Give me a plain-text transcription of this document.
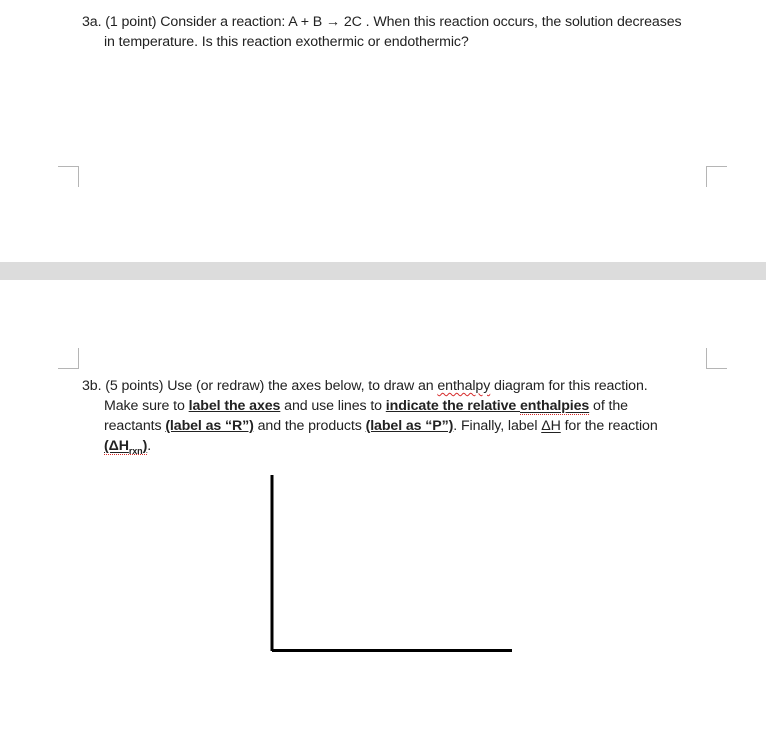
3a. (1 point) Consider a reaction: A + B → 2C . When this reaction occurs, the solution decreases
in temperature. Is this reaction exothermic or endothermic?
3b. (5 points) Use (or redraw) the axes below, to draw an enthalpy diagram for this reaction.
Make sure to label the axes and use lines to indicate the relative enthalpies of the
reactants (label as “R”) and the products (label as “P”). Finally, label ΔH for the reaction
$(\Delta H_{rxn})$.
